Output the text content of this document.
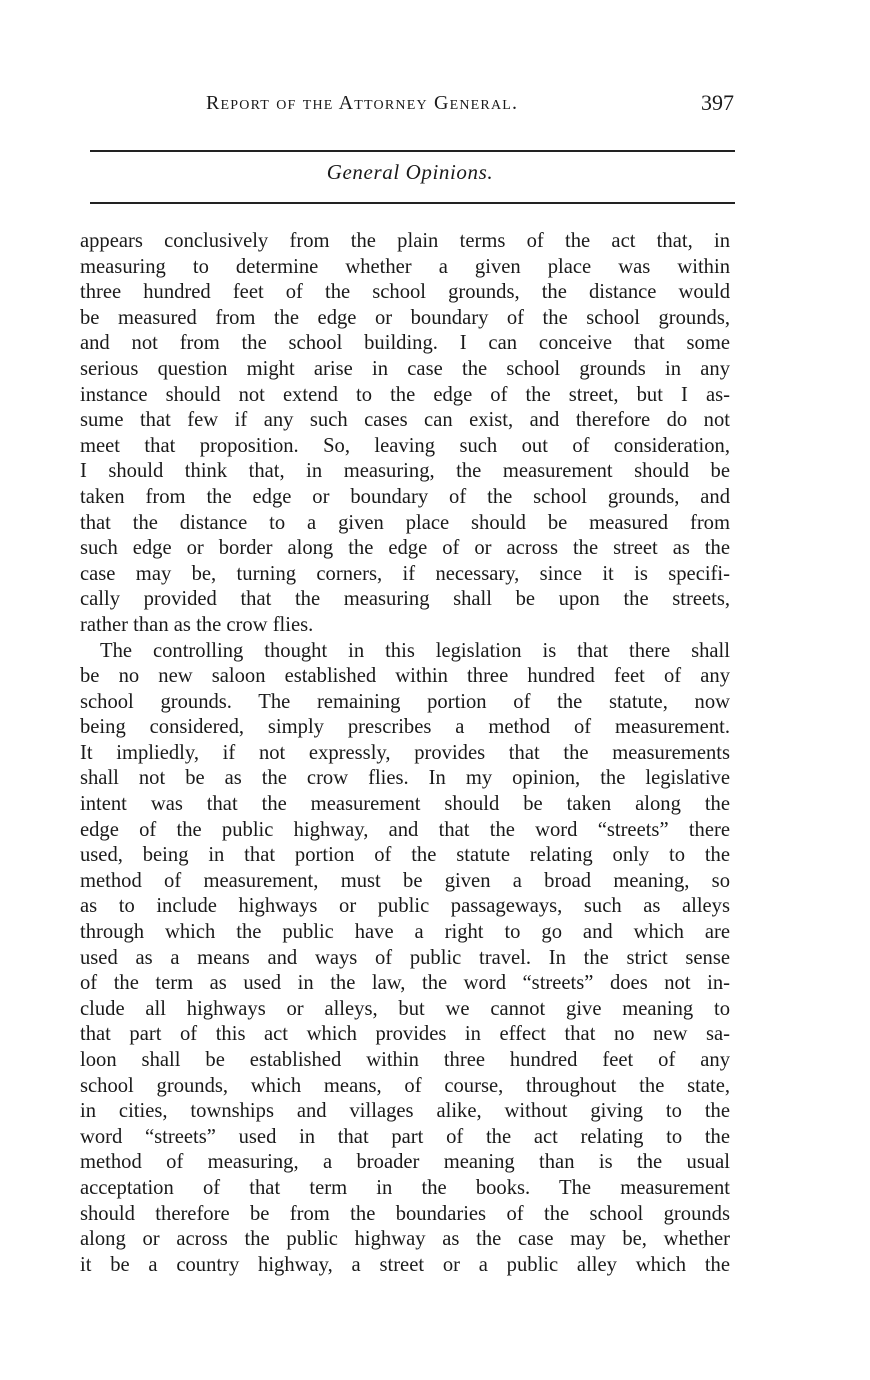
Report of the Attorney General.	397
General Opinions.
appears conclusively from the plain terms of the act that, in
measuring to determine whether a given place was within
three hundred feet of the school grounds, the distance would
be measured from the edge or boundary of the school grounds,
and not from the school building. I can conceive that some
serious question might arise in case the school grounds in any
instance should not extend to the edge of the street, but I as-
sume that few if any such cases can exist, and therefore do not
meet that proposition. So, leaving such out of consideration,
I should think that, in measuring, the measurement should be
taken from the edge or boundary of the school grounds, and
that the distance to a given place should be measured from
such edge or border along the edge of or across the street as the
case may be, turning corners, if necessary, since it is specifi-
cally provided that the measuring shall be upon the streets,
rather than as the crow flies.
The controlling thought in this legislation is that there shall
be no new saloon established within three hundred feet of any
school grounds. The remaining portion of the statute, now
being considered, simply prescribes a method of measurement.
It impliedly, if not expressly, provides that the measurements
shall not be as the crow flies. In my opinion, the legislative
intent was that the measurement should be taken along the
edge of the public highway, and that the word “streets” there
used, being in that portion of the statute relating only to the
method of measurement, must be given a broad meaning, so
as to include highways or public passageways, such as alleys
through which the public have a right to go and which are
used as a means and ways of public travel. In the strict sense
of the term as used in the law, the word “streets” does not in-
clude all highways or alleys, but we cannot give meaning to
that part of this act which provides in effect that no new sa-
loon shall be established within three hundred feet of any
school grounds, which means, of course, throughout the state,
in cities, townships and villages alike, without giving to the
word “streets” used in that part of the act relating to the
method of measuring, a broader meaning than is the usual
acceptation of that term in the books. The measurement
should therefore be from the boundaries of the school grounds
along or across the public highway as the case may be, whether
it be a country highway, a street or a public alley which the
